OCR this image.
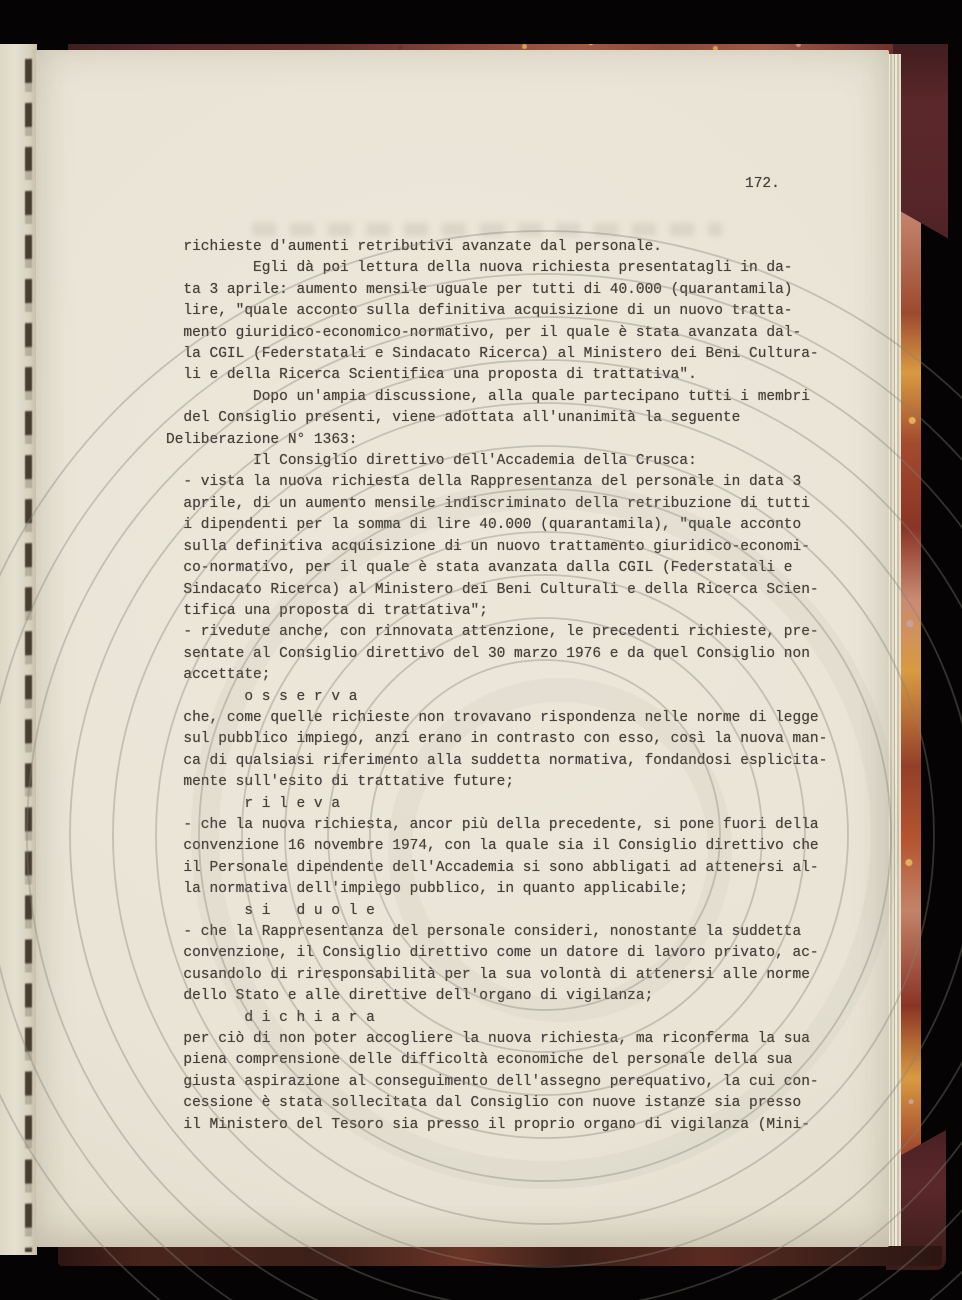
172.
richieste d'aumenti retributivi avanzate dal personale.
Egli dà poi lettura della nuova richiesta presentatagli in da-
ta 3 aprile: aumento mensile uguale per tutti di 40.000 (quarantamila)
lire, "quale acconto sulla definitiva acquisizione di un nuovo tratta-
mento giuridico-economico-normativo, per il quale è stata avanzata dal-
la CGIL (Federstatali e Sindacato Ricerca) al Ministero dei Beni Cultura-
li e della Ricerca Scientifica una proposta di trattativa".
Dopo un'ampia discussione, alla quale partecipano tutti i membri
del Consiglio presenti, viene adottata all'unanimità la seguente
Deliberazione N° 1363:
Il Consiglio direttivo dell'Accademia della Crusca:
- vista la nuova richiesta della Rappresentanza del personale in data 3
aprile, di un aumento mensile indiscriminato della retribuzione di tutti
i dipendenti per la somma di lire 40.000 (quarantamila), "quale acconto
sulla definitiva acquisizione di un nuovo trattamento giuridico-economi-
co-normativo, per il quale è stata avanzata dalla CGIL (Federstatali e
Sindacato Ricerca) al Ministero dei Beni Culturali e della Ricerca Scien-
tifica una proposta di trattativa";
- rivedute anche, con rinnovata attenzione, le precedenti richieste, pre-
sentate al Consiglio direttivo del 30 marzo 1976 e da quel Consiglio non
accettate;
o s s e r v a
che, come quelle richieste non trovavano rispondenza nelle norme di legge
sul pubblico impiego, anzi erano in contrasto con esso, così la nuova man-
ca di qualsiasi riferimento alla suddetta normativa, fondandosi esplicita-
mente sull'esito di trattative future;
r i l e v a
- che la nuova richiesta, ancor più della precedente, si pone fuori della
convenzione 16 novembre 1974, con la quale sia il Consiglio direttivo che
il Personale dipendente dell'Accademia si sono abbligati ad attenersi al-
la normativa dell'impiego pubblico, in quanto applicabile;
s i   d u o l e
- che la Rappresentanza del personale consideri, nonostante la suddetta
convenzione, il Consiglio direttivo come un datore di lavoro privato, ac-
cusandolo di riresponsabilità per la sua volontà di attenersi alle norme
dello Stato e alle direttive dell'organo di vigilanza;
d i c h i a r a
per ciò di non poter accogliere la nuova richiesta, ma riconferma la sua
piena comprensione delle difficoltà economiche del personale della sua
giusta aspirazione al conseguimento dell'assegno perequativo, la cui con-
cessione è stata sollecitata dal Consiglio con nuove istanze sia presso
il Ministero del Tesoro sia presso il proprio organo di vigilanza (Mini-
